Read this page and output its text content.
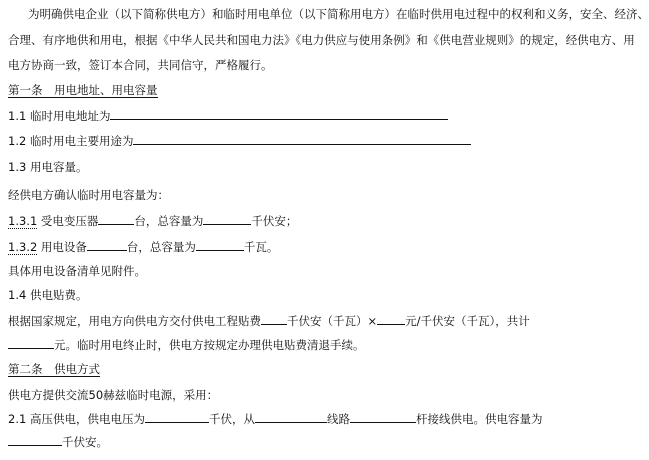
为明确供电企业（以下简称供电方）和临时用电单位（以下简称用电方）在临时供用电过程中的权利和义务，安全、经济、
合理、有序地供和用电，根据《中华人民共和国电力法》《电力供应与使用条例》和《供电营业规则》的规定，经供电方、用
电方协商一致，签订本合同，共同信守，严格履行。
第一条　用电地址、用电容量
1.1 临时用电地址为
1.2 临时用电主要用途为
1.3 用电容量。
经供电方确认临时用电容量为：
1.3.1 受电变压器	台，总容量为	千伏安；
1.3.2 用电设备	台，总容量为	千瓦。
具体用电设备清单见附件。
1.4 供电贴费。
根据国家规定，用电方向供电方交付供电工程贴费 千伏安（千瓦）× 元/千伏安（千瓦），共计
元。临时用电终止时，供电方按规定办理供电贴费清退手续。
第二条　供电方式
供电方提供交流50赫兹临时电源，采用：
2.1 高压供电，供电电压为	千伏，从	线路	杆接线供电。供电容量为
千伏安。
